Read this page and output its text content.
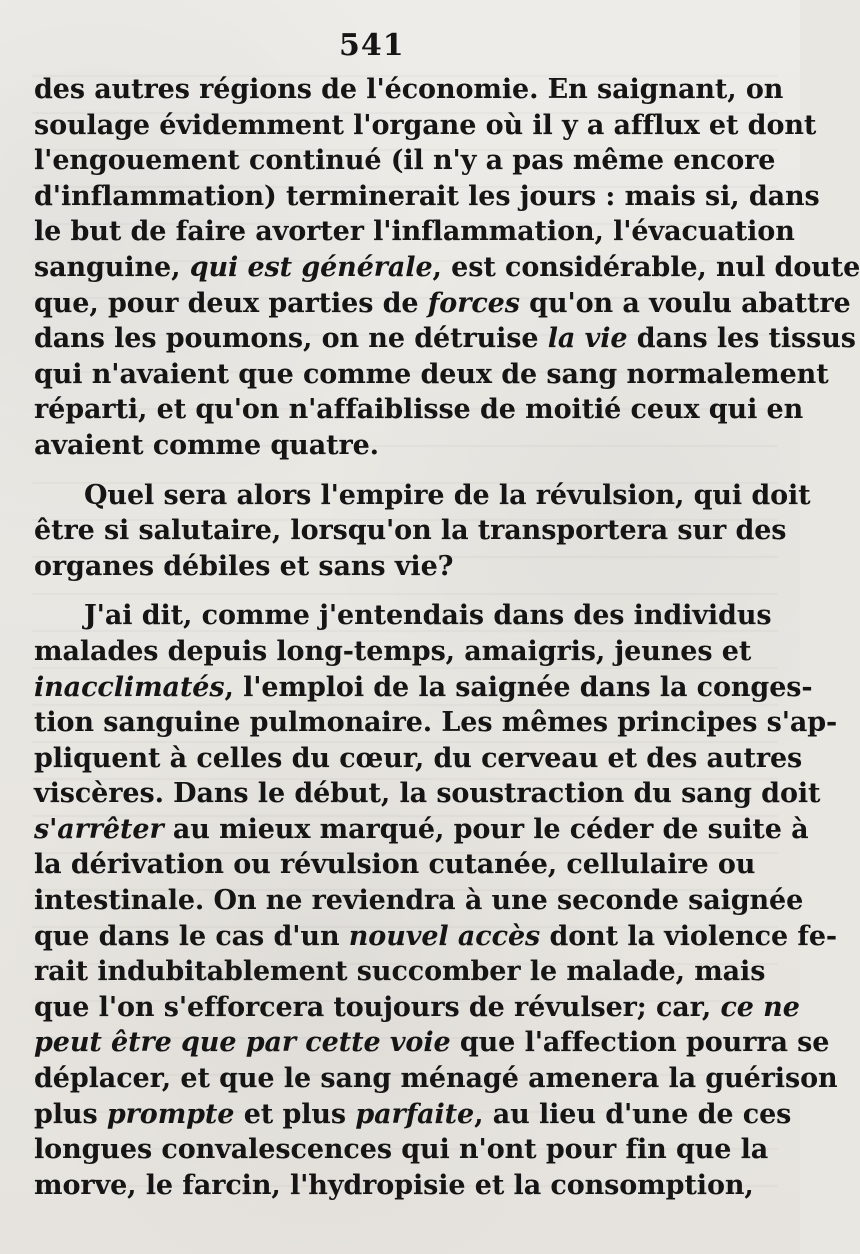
541
des autres régions de l'économie. En saignant, on
soulage évidemment l'organe où il y a afflux et dont
l'engouement continué (il n'y a pas même encore
d'inflammation) terminerait les jours : mais si, dans
le but de faire avorter l'inflammation, l'évacuation
sanguine, qui est générale, est considérable, nul doute
que, pour deux parties de forces qu'on a voulu abattre
dans les poumons, on ne détruise la vie dans les tissus
qui n'avaient que comme deux de sang normalement
réparti, et qu'on n'affaiblisse de moitié ceux qui en
avaient comme quatre.
Quel sera alors l'empire de la révulsion, qui doit
être si salutaire, lorsqu'on la transportera sur des
organes débiles et sans vie?
J'ai dit, comme j'entendais dans des individus
malades depuis long-temps, amaigris, jeunes et
inacclimatés, l'emploi de la saignée dans la conges-
tion sanguine pulmonaire. Les mêmes principes s'ap-
pliquent à celles du cœur, du cerveau et des autres
viscères. Dans le début, la soustraction du sang doit
s'arrêter au mieux marqué, pour le céder de suite à
la dérivation ou révulsion cutanée, cellulaire ou
intestinale. On ne reviendra à une seconde saignée
que dans le cas d'un nouvel accès dont la violence fe-
rait indubitablement succomber le malade, mais
que l'on s'efforcera toujours de révulser; car, ce ne
peut être que par cette voie que l'affection pourra se
déplacer, et que le sang ménagé amenera la guérison
plus prompte et plus parfaite, au lieu d'une de ces
longues convalescences qui n'ont pour fin que la
morve, le farcin, l'hydropisie et la consomption,
